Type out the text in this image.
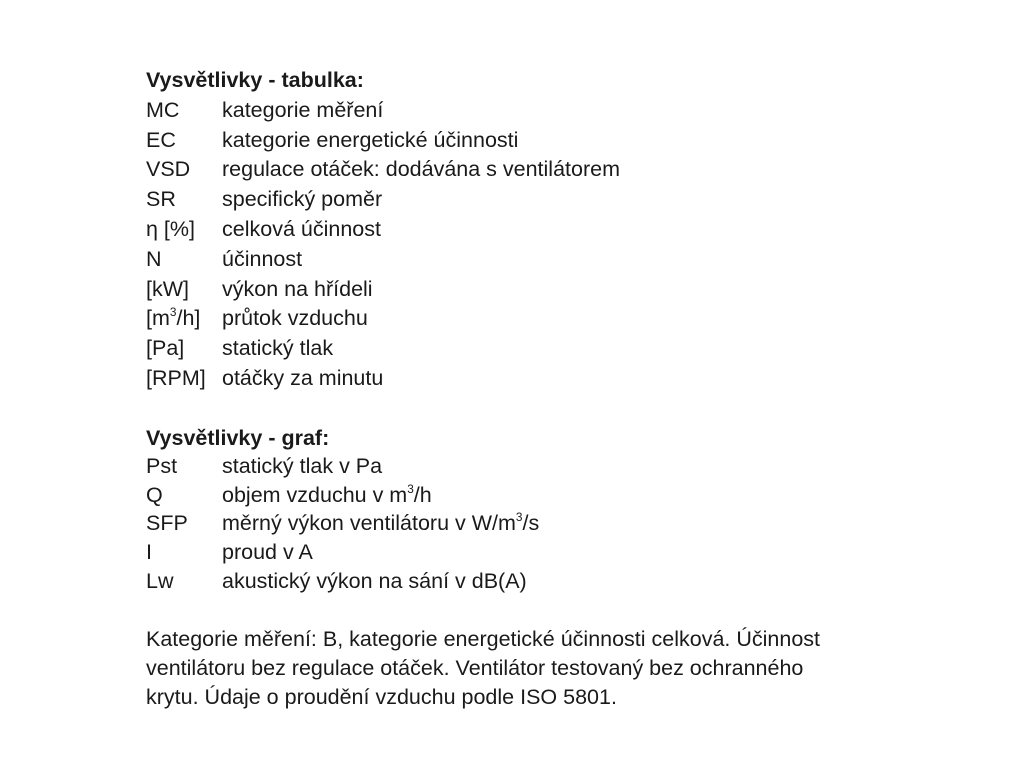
Vysvětlivky - tabulka:
MC	kategorie měření
EC	kategorie energetické účinnosti
VSD	regulace otáček: dodávána s ventilátorem
SR	specifický poměr
η [%]	celková účinnost
N	účinnost
[kW]	výkon na hřídeli
$[m^3/h]$	průtok vzduchu
[Pa]	statický tlak
[RPM] otáčky za minutu
Vysvětlivky - graf:
Pst	statický tlak v Pa
Q	objem vzduchu v $m^3/h$
SFP	měrný výkon ventilátoru v $W/m^3/s$
I	proud v A
Lw	akustický výkon na sání v dB(A)
Kategorie měření: B, kategorie energetické účinnosti celková. Účinnost
ventilátoru bez regulace otáček. Ventilátor testovaný bez ochranného
krytu. Údaje o proudění vzduchu podle ISO 5801.
